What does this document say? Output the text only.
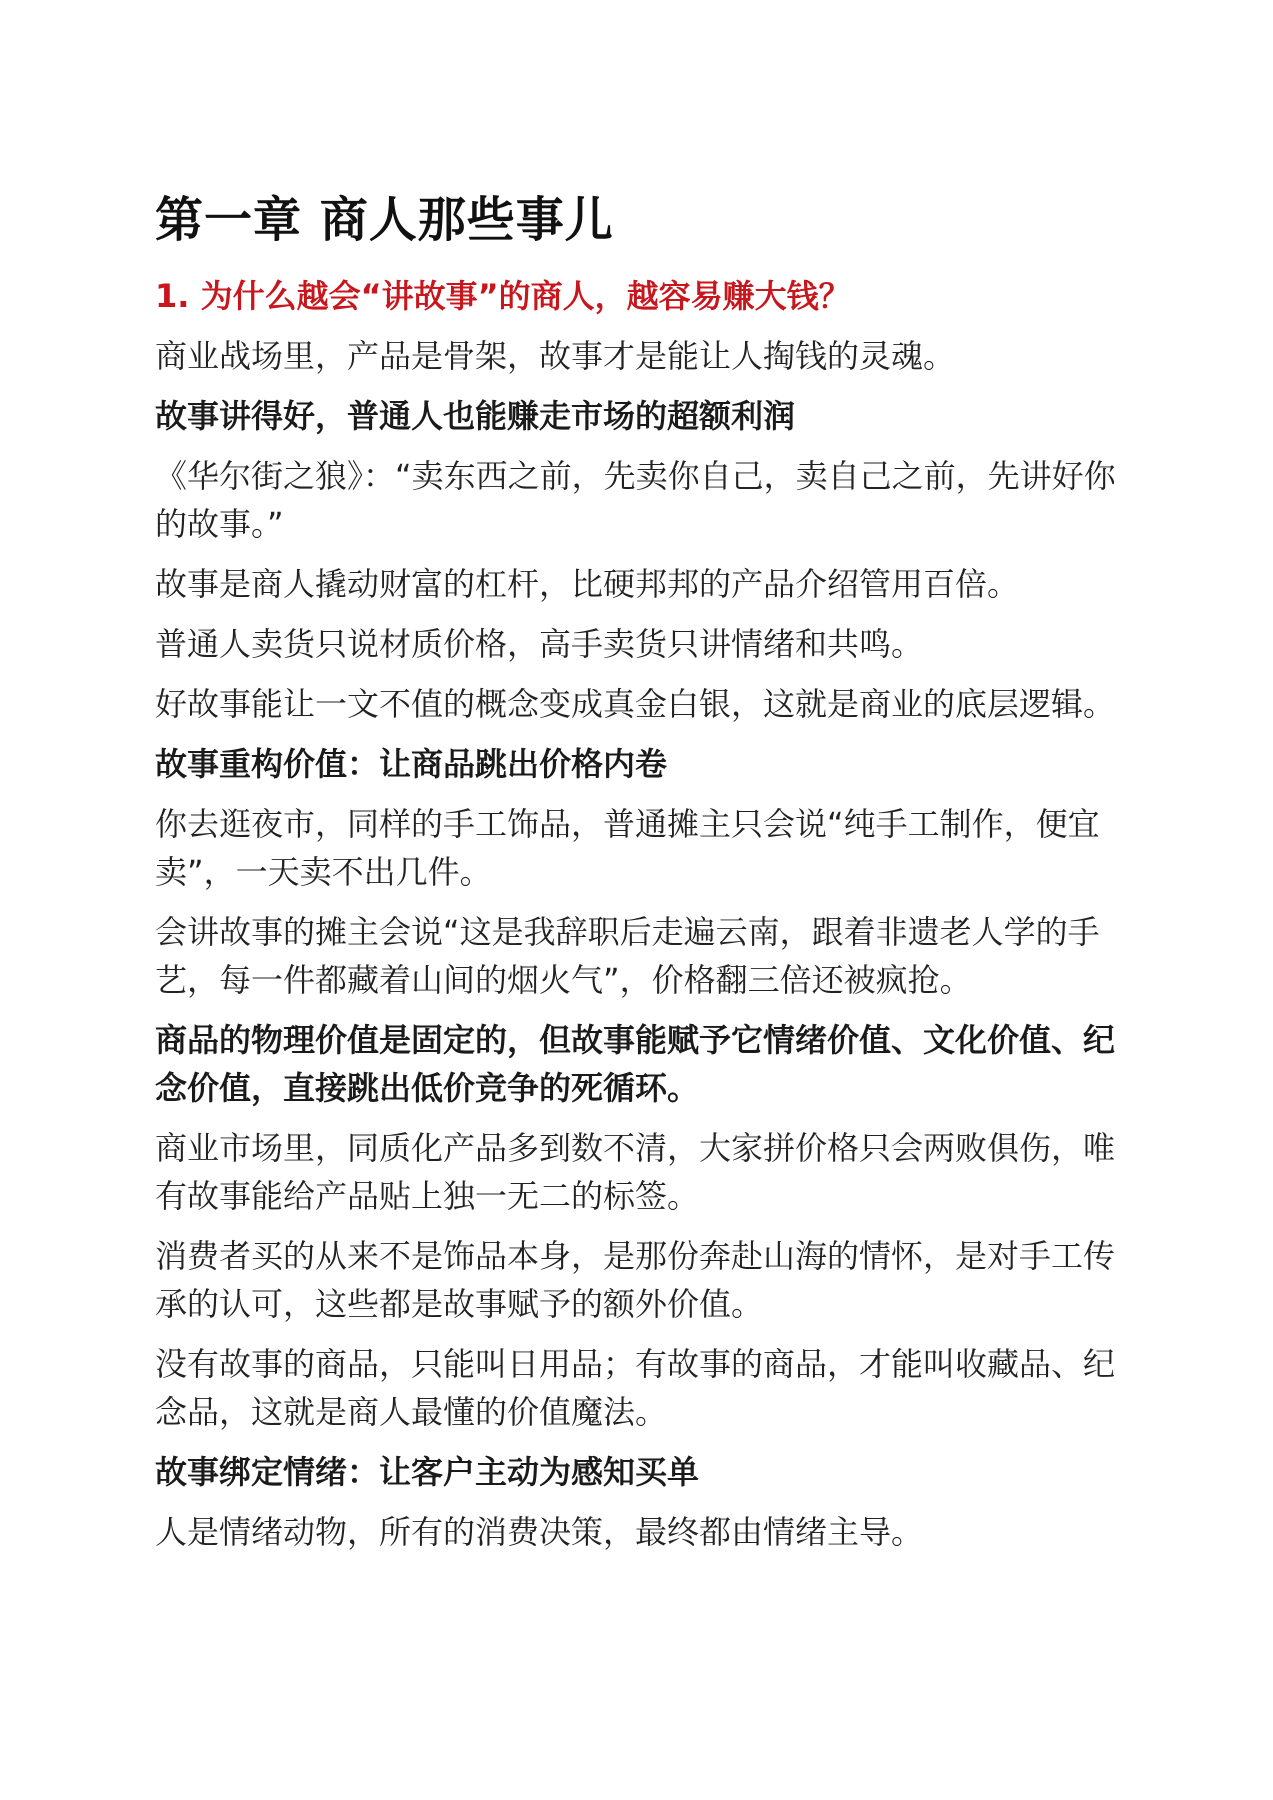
第一章 商人那些事儿
1. 为什么越会“讲故事”的商人，越容易赚大钱？

商业战场里，产品是骨架，故事才是能让人掏钱的灵魂。

故事讲得好，普通人也能赚走市场的超额利润

《华尔街之狼》：“卖东西之前，先卖你自己，卖自己之前，先讲好你的故事。”

故事是商人撬动财富的杠杆，比硬邦邦的产品介绍管用百倍。

普通人卖货只说材质价格，高手卖货只讲情绪和共鸣。

好故事能让一文不值的概念变成真金白银，这就是商业的底层逻辑。

故事重构价值：让商品跳出价格内卷

你去逛夜市，同样的手工饰品，普通摊主只会说“纯手工制作，便宜卖”，一天卖不出几件。

会讲故事的摊主会说“这是我辞职后走遍云南，跟着非遗老人学的手艺，每一件都藏着山间的烟火气”，价格翻三倍还被疯抢。

商品的物理价值是固定的，但故事能赋予它情绪价值、文化价值、纪念价值，直接跳出低价竞争的死循环。

商业市场里，同质化产品多到数不清，大家拼价格只会两败俱伤，唯有故事能给产品贴上独一无二的标签。

消费者买的从来不是饰品本身，是那份奔赴山海的情怀，是对手工传承的认可，这些都是故事赋予的额外价值。

没有故事的商品，只能叫日用品；有故事的商品，才能叫收藏品、纪念品，这就是商人最懂的价值魔法。

故事绑定情绪：让客户主动为感知买单

人是情绪动物，所有的消费决策，最终都由情绪主导。
